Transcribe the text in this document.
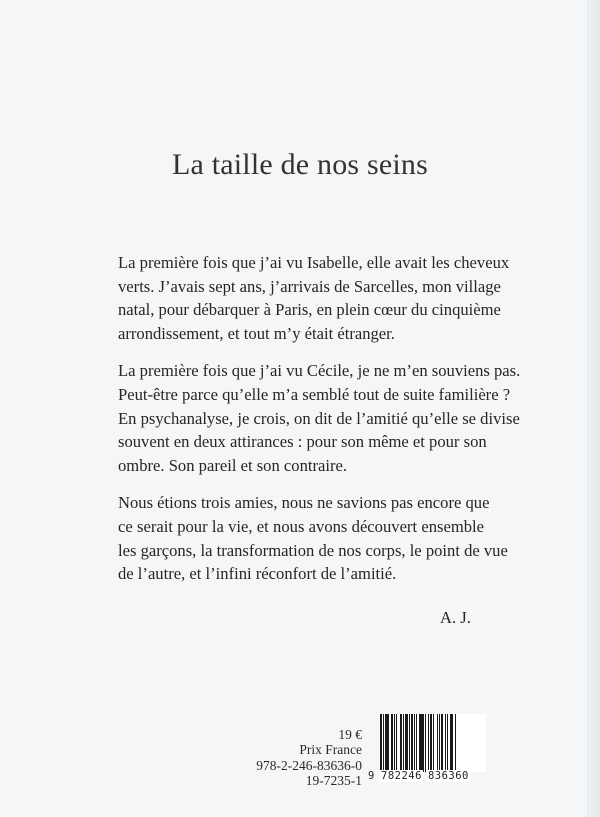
La taille de nos seins
La première fois que j’ai vu Isabelle, elle avait les cheveux
verts. J’avais sept ans, j’arrivais de Sarcelles, mon village
natal, pour débarquer à Paris, en plein cœur du cinquième
arrondissement, et tout m’y était étranger.
La première fois que j’ai vu Cécile, je ne m’en souviens pas.
Peut-être parce qu’elle m’a semblé tout de suite familière ?
En psychanalyse, je crois, on dit de l’amitié qu’elle se divise
souvent en deux attirances : pour son même et pour son
ombre. Son pareil et son contraire.
Nous étions trois amies, nous ne savions pas encore que
ce serait pour la vie, et nous avons découvert ensemble
les garçons, la transformation de nos corps, le point de vue
de l’autre, et l’infini réconfort de l’amitié.
A. J.
19 €
Prix France
978-2-246-83636-0
19-7235-1 9 782246 836360
